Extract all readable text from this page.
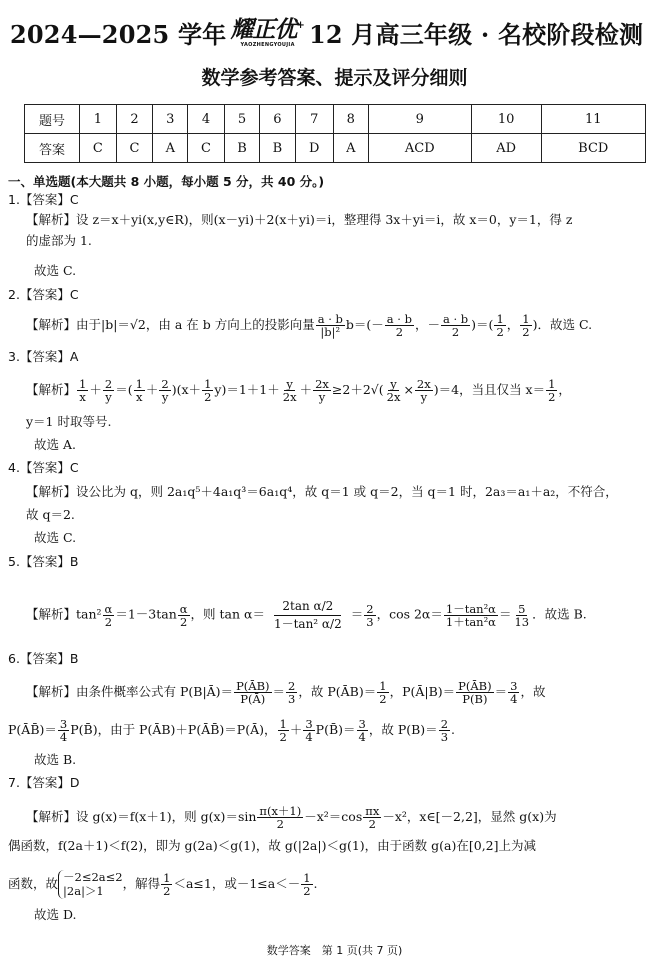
2024—2025 学年 耀正优+
YAOZHENGYOUJIA 12 月高三年级 · 名校阶段检测
数学参考答案、提示及评分细则
题号	1	2	3	4	5	6	7	8	9	10	11
答案	C	C	A	C	B	B	D	A	ACD	AD	BCD
一、单选题(本大题共 8 小题，每小题 5 分，共 40 分。)
1.【答案】C
【解析】设 z＝x＋yi(x,y∈R)，则(x－yi)＋2(x＋yi)＝i，整理得 3x＋yi＝i，故 x＝0，y＝1，得 z
的虚部为 1.
故选 C.
2.【答案】C
【解析】由于|b|＝√2，由 a 在 b 方向上的投影向量 $\frac{a \cdot b}{\text{|b|²}} b=(- \frac{a \cdot b}{2}$ ，－ $\frac{a \cdot b}{2}$ )＝( $\frac{1}{2}$ ， $\frac{1}{2}$ )．故选 C.
3.【答案】A
【解析】 $\frac{1}{x} + \frac{2}{y}$ ＝( $\frac{1}{x} + \frac{2}{y} )(x+ \frac{1}{2} y)=1+1+ \frac{y}{2x} + \frac{2x}{y} \ge 2+2√( \frac{y}{2x} \times \frac{2x}{y} )=4$，当且仅当 $x= \frac{1}{2}$ ，
y＝1 时取等号.
故选 A.
4.【答案】C
【解析】设公比为 q，则 2a₁q⁵＋4a₁q³＝6a₁q⁴，故 q＝1 或 q＝2，当 q＝1 时，2a₃＝a₁＋a₂，不符合，
故 q＝2.
故选 C.
5.【答案】B
【解析】$\tan^2 \frac{\alpha}{2} =1-3\tan \frac{\alpha}{2}$ ，则 $\tan \alpha= \frac{\text{2tan α/2}}{\text{1－tan² α/2}} = \frac{2}{3}$ ，$\cos 2\alpha= \frac{\text{1－tan²α}}{\text{1＋tan²α}} = \frac{5}{13}$ ．故选 B.
6.【答案】B
【解析】由条件概率公式有 P(B|Ā)＝ $\frac{P(ĀB)}{P(Ā)} = \frac{2}{3}$ ，故 P(ĀB)＝ $\frac{1}{2}$ ，P(Ā|B)＝ $\frac{P(ĀB)}{P(B)} = \frac{3}{4}$ ，故
P(ĀB̄)＝ $\frac{3}{4}$ P(B̄)，由于 P(ĀB)＋P(ĀB̄)＝P(Ā)， $\frac{1}{2} + \frac{3}{4}$ P(B̄)＝ $\frac{3}{4}$ ，故 $P(B)= \frac{2}{3}$ .
故选 B.
7.【答案】D
【解析】设 g(x)＝f(x＋1)，则 $g(x)=\sin \frac{\pi(x+1)}{2} -x^2=\cos \frac{\pi x}{2} -x^2$，x∈[－2,2]，显然 g(x)为
偶函数，f(2a＋1)＜f(2)，即为 g(2a)＜g(1)，故 g(|2a|)＜g(1)，由于函数 g(a)在[0,2]上为减
函数，故 －2≤2a≤2
|2a|＞1
，解得 $\frac{1}{2} <a\le 1$，或$-1\le a<- \frac{1}{2}$ .
故选 D.
数学答案　第 1 页(共 7 页)
